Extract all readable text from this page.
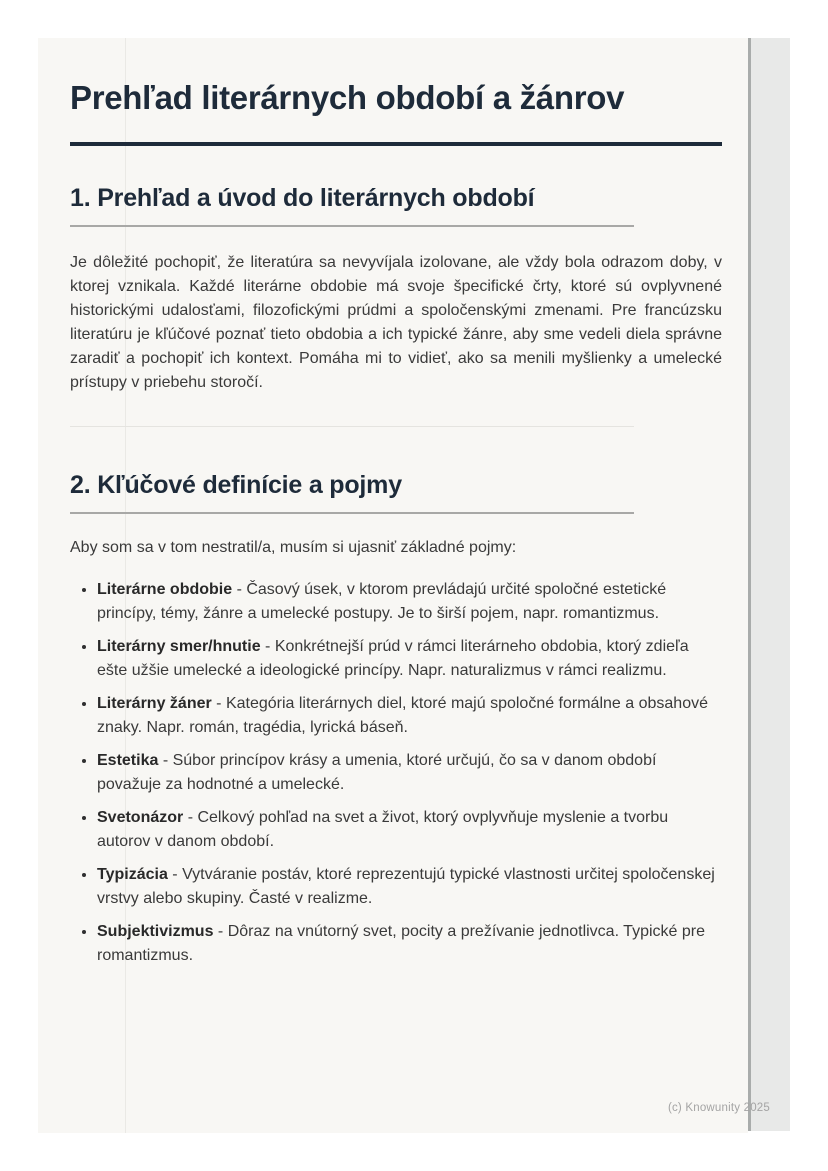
Prehľad literárnych období a žánrov
1. Prehľad a úvod do literárnych období

Je dôležité pochopiť, že literatúra sa nevyvíjala izolovane, ale vždy bola odrazom doby, v ktorej vznikala. Každé literárne obdobie má svoje špecifické črty, ktoré sú ovplyvnené historickými udalosťami, filozofickými prúdmi a spoločenskými zmenami. Pre francúzsku literatúru je kľúčové poznať tieto obdobia a ich typické žánre, aby sme vedeli diela správne zaradiť a pochopiť ich kontext. Pomáha mi to vidieť, ako sa menili myšlienky a umelecké prístupy v priebehu storočí.

2. Kľúčové definície a pojmy

Aby som sa v tom nestratil/a, musím si ujasniť základné pojmy:

• Literárne obdobie - Časový úsek, v ktorom prevládajú určité spoločné estetické princípy, témy, žánre a umelecké postupy. Je to širší pojem, napr. romantizmus.
• Literárny smer/hnutie - Konkrétnejší prúd v rámci literárneho obdobia, ktorý zdieľa ešte užšie umelecké a ideologické princípy. Napr. naturalizmus v rámci realizmu.
• Literárny žáner - Kategória literárnych diel, ktoré majú spoločné formálne a obsahové znaky. Napr. román, tragédia, lyrická báseň.
• Estetika - Súbor princípov krásy a umenia, ktoré určujú, čo sa v danom období považuje za hodnotné a umelecké.
• Svetonázor - Celkový pohľad na svet a život, ktorý ovplyvňuje myslenie a tvorbu autorov v danom období.
• Typizácia - Vytváranie postáv, ktoré reprezentujú typické vlastnosti určitej spoločenskej vrstvy alebo skupiny. Časté v realizme.
• Subjektivizmus - Dôraz na vnútorný svet, pocity a prežívanie jednotlivca. Typické pre romantizmus.
(c) Knowunity 2025
